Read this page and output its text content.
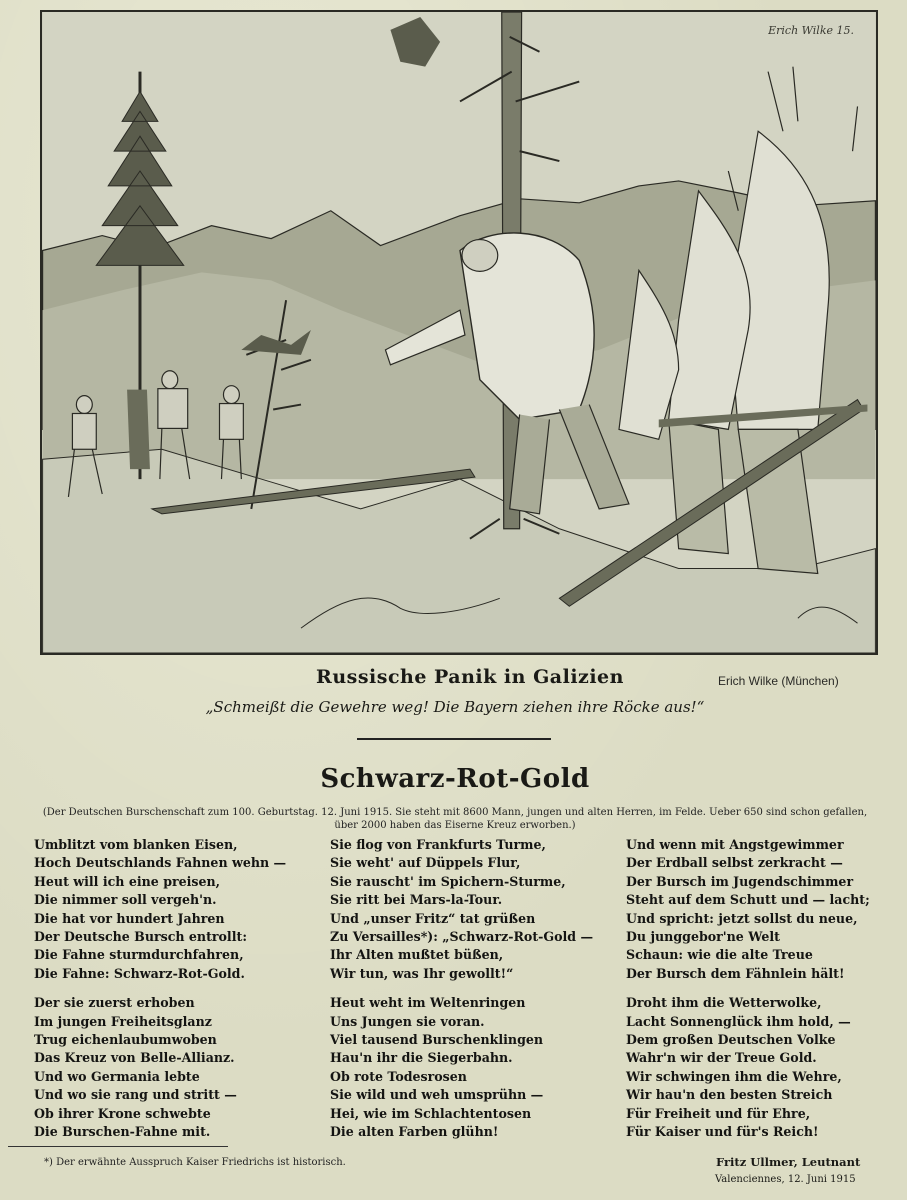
Erich Wilke 15.
Russische Panik in Galizien	Erich Wilke (München)
„Schmeißt die Gewehre weg! Die Bayern ziehen ihre Röcke aus!“
Schwarz-Rot-Gold
(Der Deutschen Burschenschaft zum 100. Geburtstag. 12. Juni 1915. Sie steht mit 8600 Mann, jungen und alten Herren, im Felde. Ueber 650 sind schon gefallen,
über 2000 haben das Eiserne Kreuz erworben.)
Umblitzt vom blanken Eisen,
Hoch Deutschlands Fahnen wehn —
Heut will ich eine preisen,
Die nimmer soll vergeh'n.
Die hat vor hundert Jahren
Der Deutsche Bursch entrollt:
Die Fahne sturmdurchfahren,
Die Fahne: Schwarz-Rot-Gold.
Der sie zuerst erhoben
Im jungen Freiheitsglanz
Trug eichenlaubumwoben
Das Kreuz von Belle-Allianz.
Und wo Germania lebte
Und wo sie rang und stritt —
Ob ihrer Krone schwebte
Die Burschen-Fahne mit.
Sie flog von Frankfurts Turme,
Sie weht' auf Düppels Flur,
Sie rauscht' im Spichern-Sturme,
Sie ritt bei Mars-la-Tour.
Und „unser Fritz“ tat grüßen
Zu Versailles*): „Schwarz-Rot-Gold —
Ihr Alten mußtet büßen,
Wir tun, was Ihr gewollt!“
Heut weht im Weltenringen
Uns Jungen sie voran.
Viel tausend Burschenklingen
Hau'n ihr die Siegerbahn.
Ob rote Todesrosen
Sie wild und weh umsprühn —
Hei, wie im Schlachtentosen
Die alten Farben glühn!
Und wenn mit Angstgewimmer
Der Erdball selbst zerkracht —
Der Bursch im Jugendschimmer
Steht auf dem Schutt und — lacht;
Und spricht: jetzt sollst du neue,
Du junggebor'ne Welt
Schaun: wie die alte Treue
Der Bursch dem Fähnlein hält!
Droht ihm die Wetterwolke,
Lacht Sonnenglück ihm hold, —
Dem großen Deutschen Volke
Wahr'n wir der Treue Gold.
Wir schwingen ihm die Wehre,
Wir hau'n den besten Streich
Für Freiheit und für Ehre,
Für Kaiser und für's Reich!
*) Der erwähnte Ausspruch Kaiser Friedrichs ist historisch.	Fritz Ullmer, Leutnant
Valenciennes, 12. Juni 1915
